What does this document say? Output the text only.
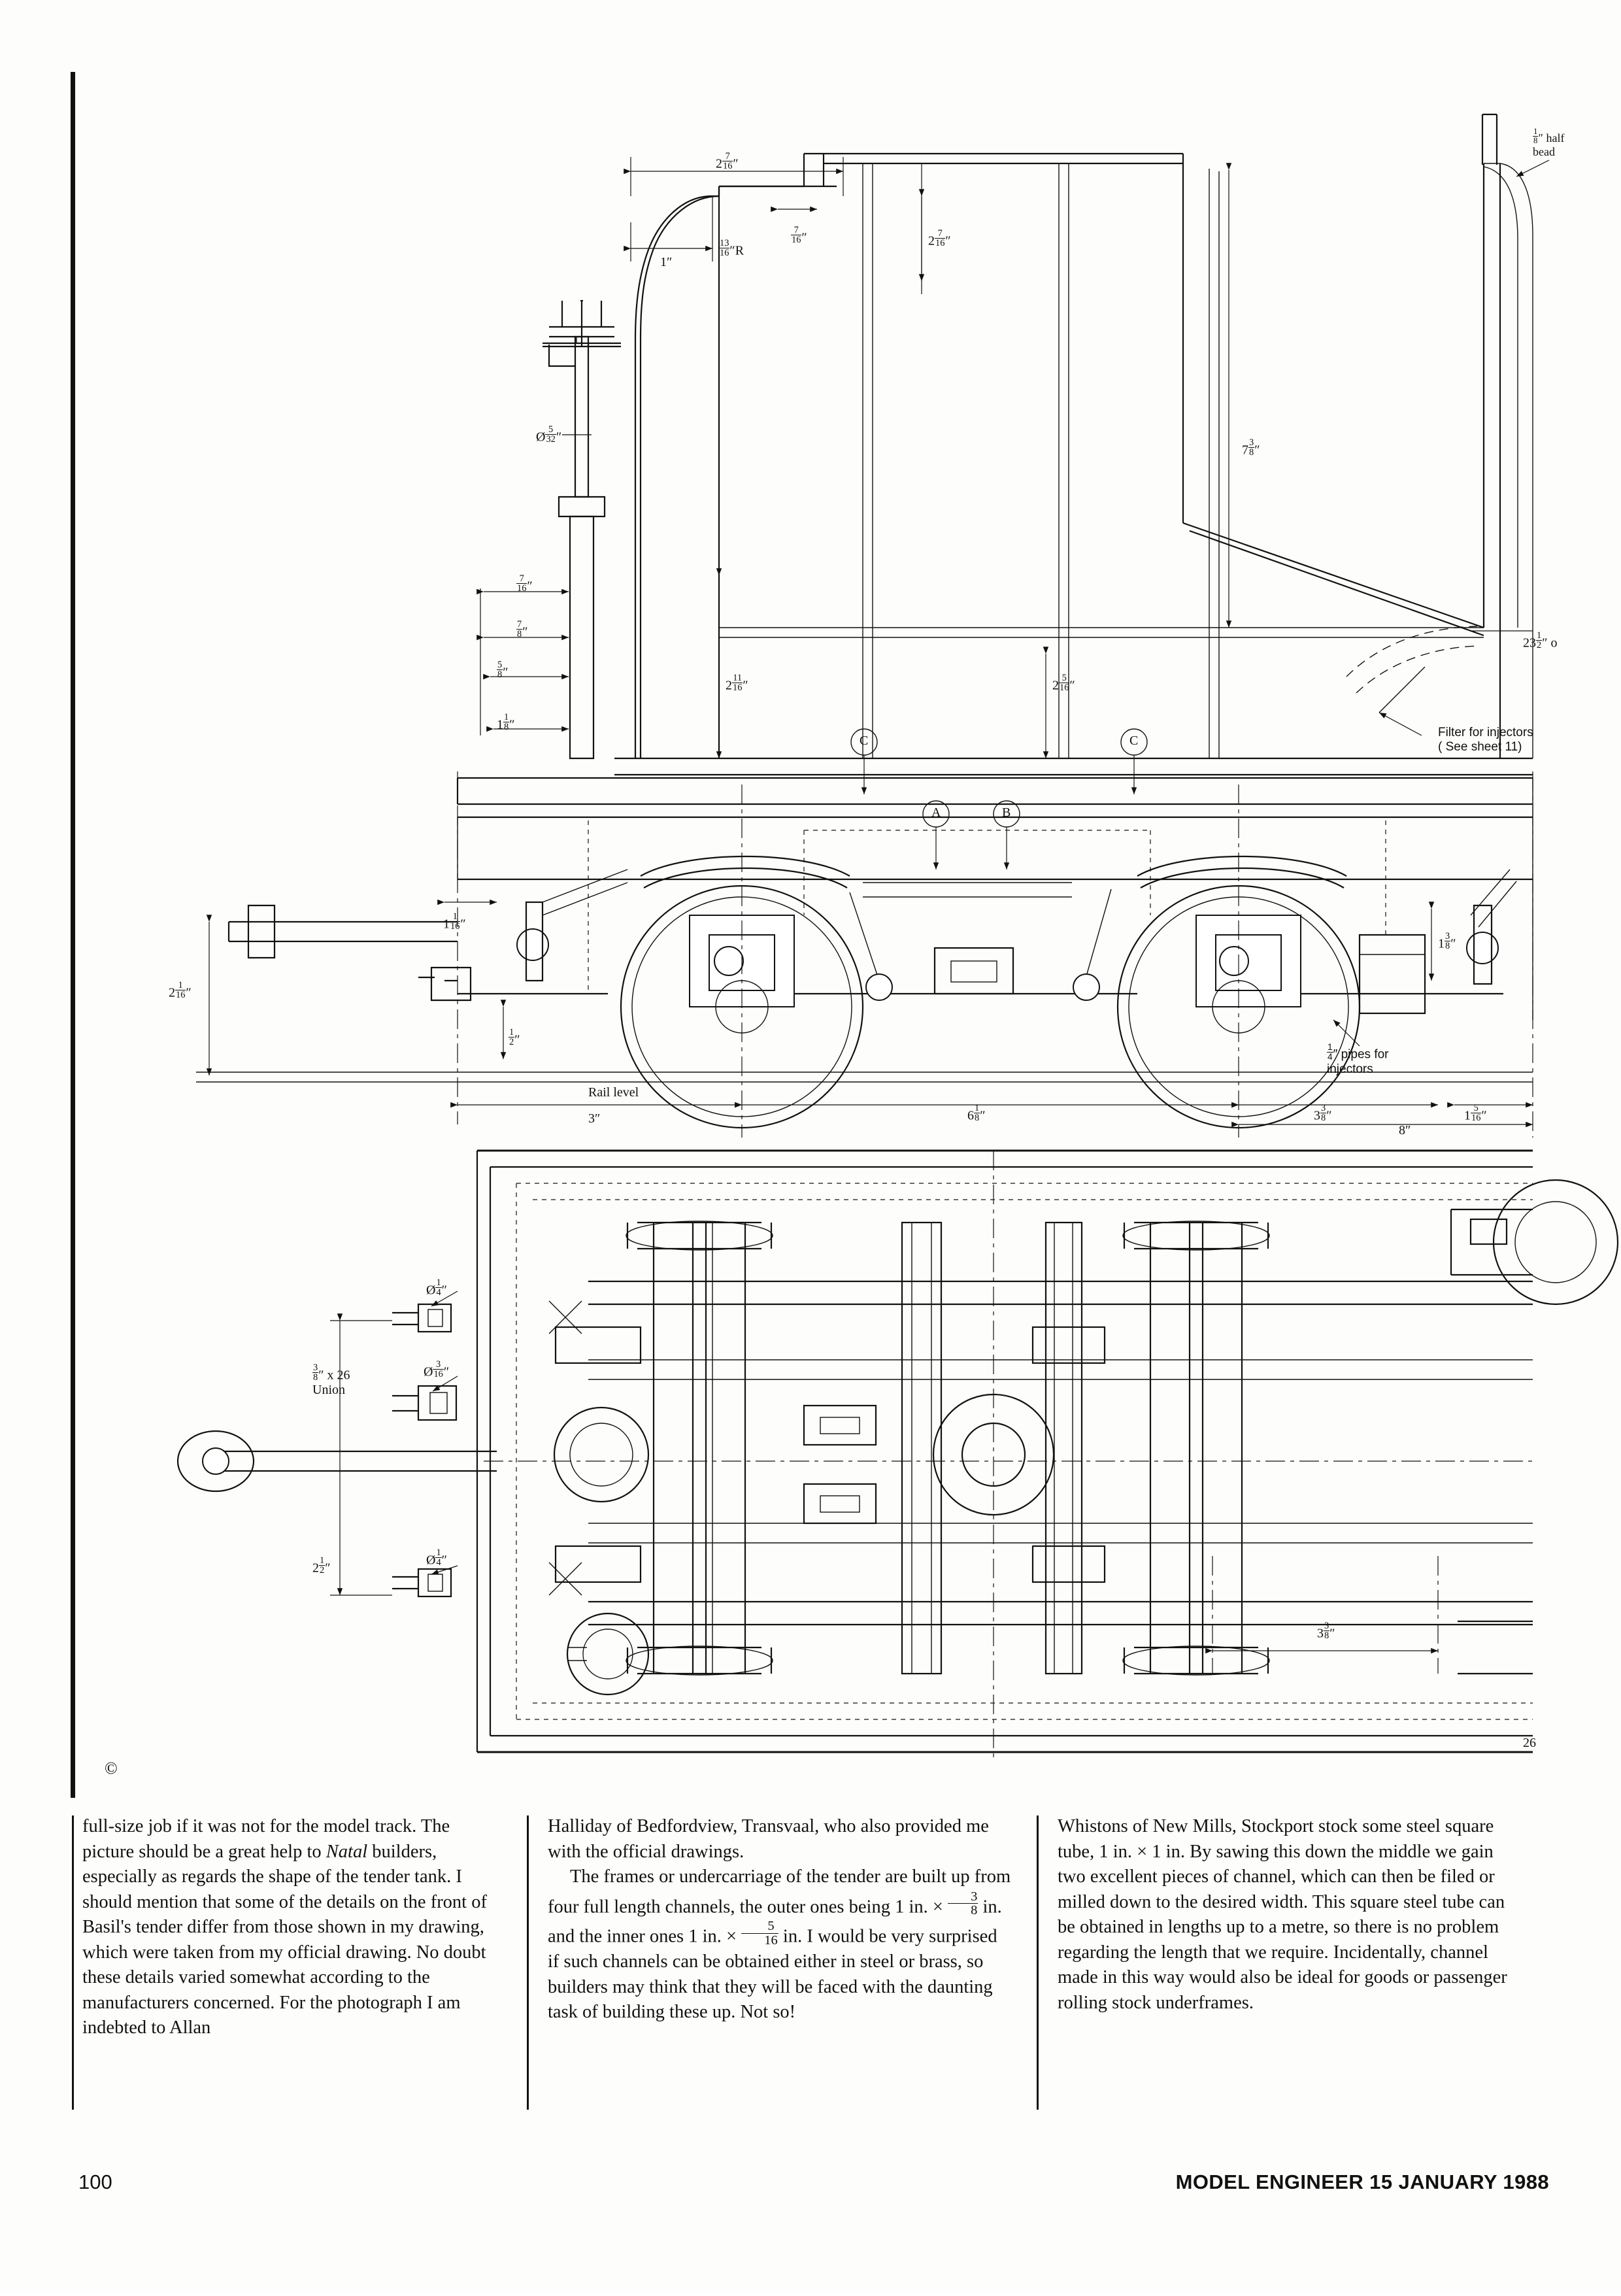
$2 \frac{7}{16}$ ″
1″
$\frac{13}{16} ''R$
$\frac{7}{16}$ ″	$2 \frac{7}{16}$ ″
$7 \frac{3}{8}$ ″
Ø $\frac{5}{32}$ ″
$\frac{7}{16}$ ″
$\frac{7}{8}$ ″
$\frac{5}{8}$ ″
$1 \frac{1}{8}$ ″
$2 \frac{11}{16}$ ″	$2 \frac{5}{16}$ ″
$1 \frac{1}{16}$ ″
$2 \frac{1}{16}$ ″
$\frac{1}{2}$ ″
$1 \frac{3}{8}$ ″
Rail level
3″	$6 \frac{1}{8}$ ″	$3 \frac{3}{8}$ ″	$1 \frac{5}{16}$ ″
8″
$\frac{1}{8}$ ″ half
bead
$23 \frac{1}{2}$ ″ o
Filter for injectors
( See sheet 11)
$\frac{1}{4}$ ″ pipes for
injectors
C	C
A	B
Ø $\frac{1}{4}$ ″
Ø $\frac{3}{16}$ ″
Ø $\frac{1}{4}$ ″
$\frac{3}{8}$ ″ x 26
Union
$2 \frac{1}{2}$ ″
$3 \frac{3}{8}$ ″
©
26

full-size job if it was not for the model track. The picture should be a great help to Natal builders, especially as regards the shape of the tender tank. I should mention that some of the details on the front of Basil's tender differ from those shown in my drawing, which were taken from my official drawing. No doubt these details varied somewhat according to the manufacturers concerned. For the photograph I am indebted to Allan

Halliday of Bedfordview, Transvaal, who also provided me with the official drawings.

The frames or undercarriage of the tender are built up from four full length channels, the outer ones being 1 in. × $\frac{3}{8}$ in. and the inner ones 1 in. × $\frac{5}{16}$ in. I would be very surprised if such channels can be obtained either in steel or brass, so builders may think that they will be faced with the daunting task of building these up. Not so!

Whistons of New Mills, Stockport stock some steel square tube, 1 in. × 1 in. By sawing this down the middle we gain two excellent pieces of channel, which can then be filed or milled down to the desired width. This square steel tube can be obtained in lengths up to a metre, so there is no problem regarding the length that we require. Incidentally, channel made in this way would also be ideal for goods or passenger rolling stock underframes.

100	MODEL ENGINEER 15 JANUARY 1988
